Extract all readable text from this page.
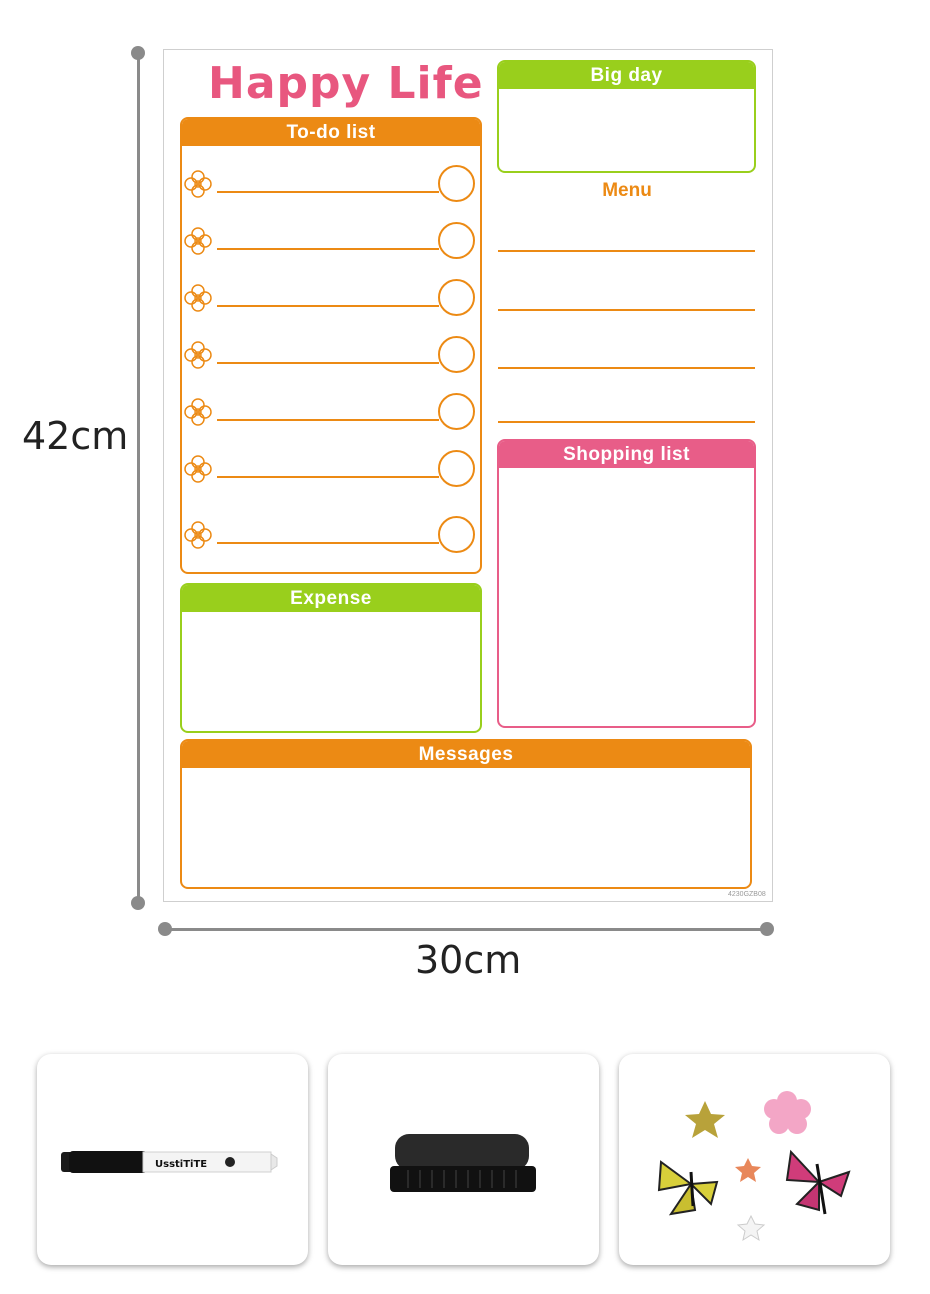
42cm
30cm
Happy Life
To-do list
Big day
Menu
Shopping list
Expense
Messages
4230GZB08
UsstiTiTE
